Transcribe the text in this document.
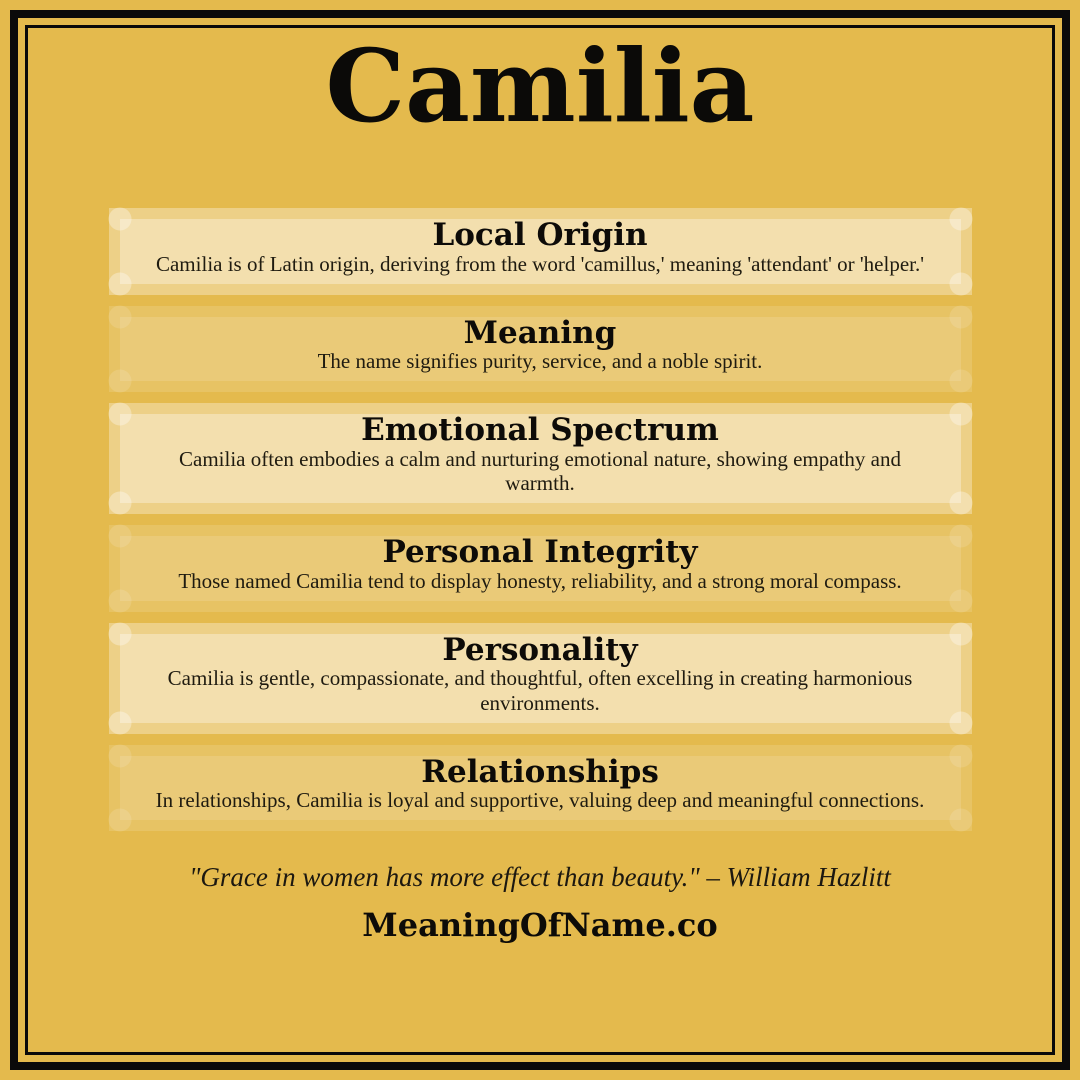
Camilia
Local Origin

Camilia is of Latin origin, deriving from the word 'camillus,' meaning 'attendant' or 'helper.'

Meaning

The name signifies purity, service, and a noble spirit.

Emotional Spectrum

Camilia often embodies a calm and nurturing emotional nature, showing empathy and warmth.

Personal Integrity

Those named Camilia tend to display honesty, reliability, and a strong moral compass.

Personality

Camilia is gentle, compassionate, and thoughtful, often excelling in creating harmonious environments.

Relationships

In relationships, Camilia is loyal and supportive, valuing deep and meaningful connections.

"Grace in women has more effect than beauty." – William Hazlitt

MeaningOfName.co
